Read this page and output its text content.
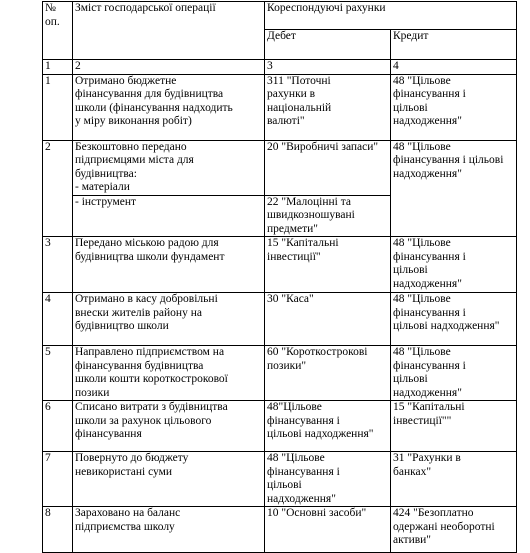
№
оп.	Зміст господарської операції	Кореспондуючі рахунки	
		Дебет	Кредит
1	2	3	4
1	Отримано бюджетне
фінансування для будівництва
школи (фінансування надходить
у міру виконання робіт)	311 "Поточні
рахунки в
національній
валюті"	48 "Цільове
фінансування і
цільові
надходження"
2	Безкоштовно передано
підприємцями міста для
будівництва:
- матеріали	20 "Виробничі запаси"	48 "Цільове
фінансування і цільові
надходження"
	- інструмент	22 "Малоцінні та
швидкозношувані
предмети"	
3	Передано міською радою для
будівництва школи фундамент	15 "Капітальні
інвестиції"	48 "Цільове
фінансування і
цільові
надходження"
4	Отримано в касу добровільні
внески жителів району на
будівництво школи	30 "Каса"	48 "Цільове
фінансування і
цільові надходження"
5	Направлено підприємством на
фінансування будівництва
школи кошти короткострокової
позики	60 "Короткострокові
позики"	48 "Цільове
фінансування і
цільові
надходження"
6	Списано витрати з будівництва
школи за рахунок цільового
фінансування	48"Цільове
фінансування і
цільові надходження"	15 "Капітальні
інвестиції""
7	Повернуто до бюджету
невикористані суми	48 "Цільове
фінансування і
цільові
надходження"	31 "Рахунки в
банках"
8	Зараховано на баланс
підприємства школу	10 "Основні засоби"	424 "Безоплатно
одержані необоротні
активи"
